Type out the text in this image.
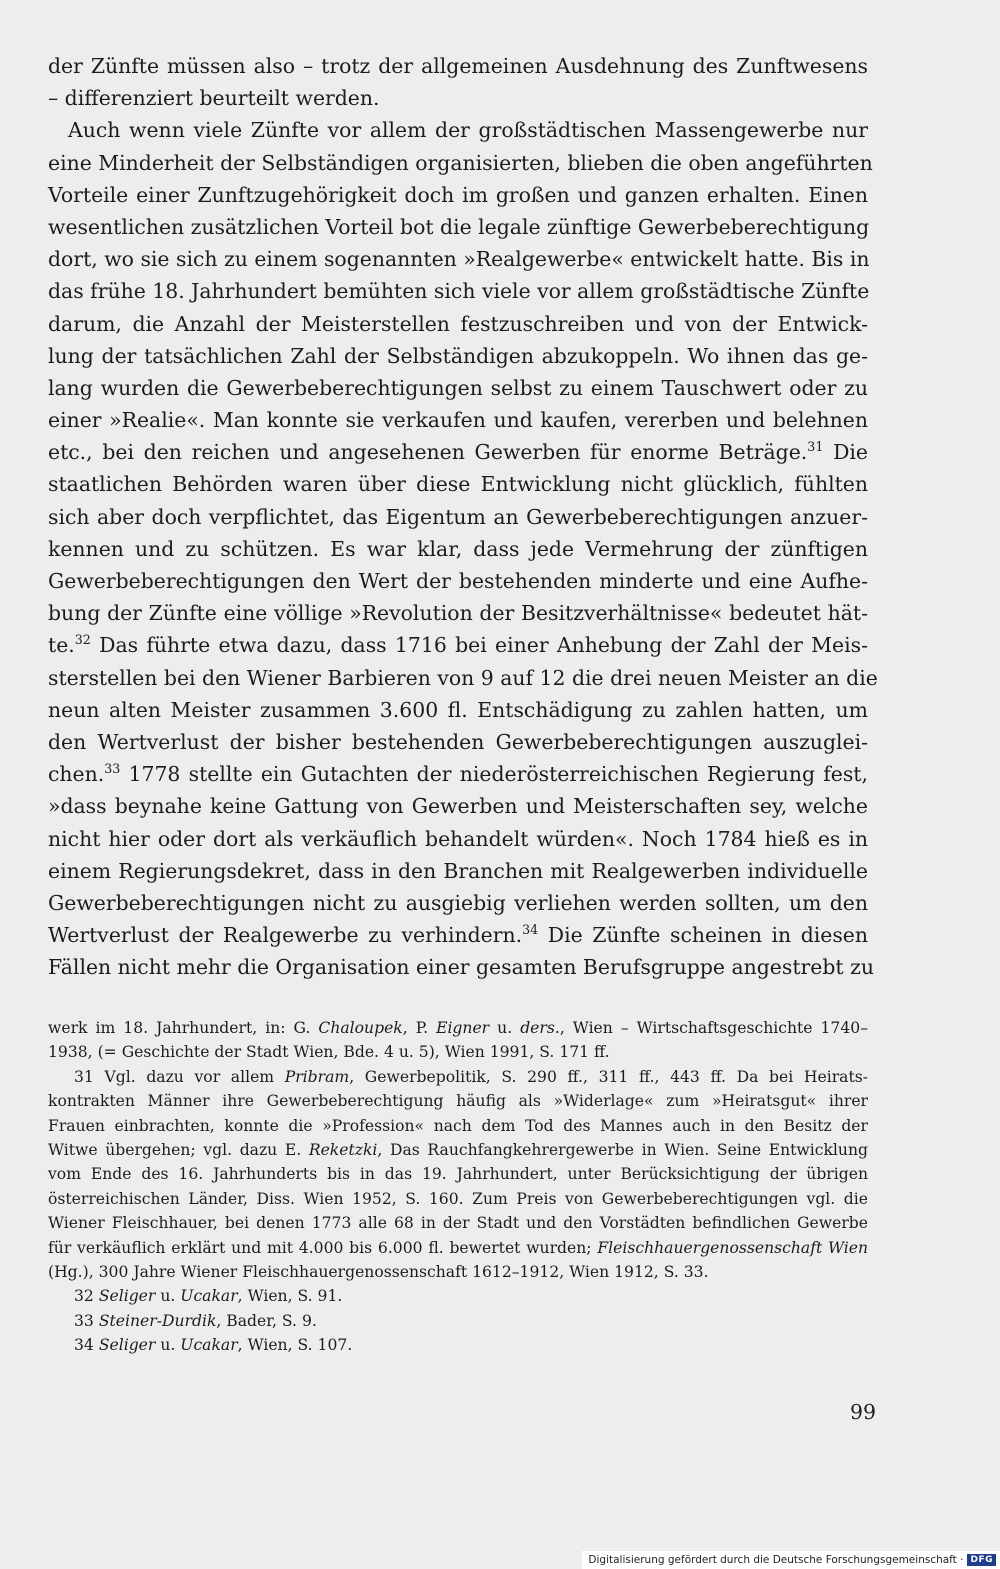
der Zünfte müssen also – trotz der allgemeinen Ausdehnung des Zunftwesens
– differenziert beurteilt werden.
Auch wenn viele Zünfte vor allem der großstädtischen Massengewerbe nur
eine Minderheit der Selbständigen organisierten, blieben die oben angeführten
Vorteile einer Zunftzugehörigkeit doch im großen und ganzen erhalten. Einen
wesentlichen zusätzlichen Vorteil bot die legale zünftige Gewerbeberechtigung
dort, wo sie sich zu einem sogenannten »Realgewerbe« entwickelt hatte. Bis in
das frühe 18. Jahrhundert bemühten sich viele vor allem großstädtische Zünfte
darum, die Anzahl der Meisterstellen festzuschreiben und von der Entwick-
lung der tatsächlichen Zahl der Selbständigen abzukoppeln. Wo ihnen das ge-
lang wurden die Gewerbeberechtigungen selbst zu einem Tauschwert oder zu
einer »Realie«. Man konnte sie verkaufen und kaufen, vererben und belehnen
etc., bei den reichen und angesehenen Gewerben für enorme Beträge.$^{31}$ Die
staatlichen Behörden waren über diese Entwicklung nicht glücklich, fühlten
sich aber doch verpflichtet, das Eigentum an Gewerbeberechtigungen anzuer-
kennen und zu schützen. Es war klar, dass jede Vermehrung der zünftigen
Gewerbeberechtigungen den Wert der bestehenden minderte und eine Aufhe-
bung der Zünfte eine völlige »Revolution der Besitzverhältnisse« bedeutet hät-
te.$^{32}$ Das führte etwa dazu, dass 1716 bei einer Anhebung der Zahl der Meis-
sterstellen bei den Wiener Barbieren von 9 auf 12 die drei neuen Meister an die
neun alten Meister zusammen 3.600 fl. Entschädigung zu zahlen hatten, um
den Wertverlust der bisher bestehenden Gewerbeberechtigungen auszuglei-
chen.$^{33}$ 1778 stellte ein Gutachten der niederösterreichischen Regierung fest,
»dass beynahe keine Gattung von Gewerben und Meisterschaften sey, welche
nicht hier oder dort als verkäuflich behandelt würden«. Noch 1784 hieß es in
einem Regierungsdekret, dass in den Branchen mit Realgewerben individuelle
Gewerbeberechtigungen nicht zu ausgiebig verliehen werden sollten, um den
Wertverlust der Realgewerbe zu verhindern.$^{34}$ Die Zünfte scheinen in diesen
Fällen nicht mehr die Organisation einer gesamten Berufsgruppe angestrebt zu
werk im 18. Jahrhundert, in: G. Chaloupek, P. Eigner u. ders., Wien – Wirtschaftsgeschichte 1740–
1938, (= Geschichte der Stadt Wien, Bde. 4 u. 5), Wien 1991, S. 171 ff.
31 Vgl. dazu vor allem Pribram, Gewerbepolitik, S. 290 ff., 311 ff., 443 ff. Da bei Heirats-
kontrakten Männer ihre Gewerbeberechtigung häufig als »Widerlage« zum »Heiratsgut« ihrer
Frauen einbrachten, konnte die »Profession« nach dem Tod des Mannes auch in den Besitz der
Witwe übergehen; vgl. dazu E. Reketzki, Das Rauchfangkehrergewerbe in Wien. Seine Entwicklung
vom Ende des 16. Jahrhunderts bis in das 19. Jahrhundert, unter Berücksichtigung der übrigen
österreichischen Länder, Diss. Wien 1952, S. 160. Zum Preis von Gewerbeberechtigungen vgl. die
Wiener Fleischhauer, bei denen 1773 alle 68 in der Stadt und den Vorstädten befindlichen Gewerbe
für verkäuflich erklärt und mit 4.000 bis 6.000 fl. bewertet wurden; Fleischhauergenossenschaft Wien
(Hg.), 300 Jahre Wiener Fleischhauergenossenschaft 1612–1912, Wien 1912, S. 33.
32 Seliger u. Ucakar, Wien, S. 91.
33 Steiner-Durdik, Bader, S. 9.
34 Seliger u. Ucakar, Wien, S. 107.
99
Digitalisierung gefördert durch die Deutsche Forschungsgemeinschaft · DFG
